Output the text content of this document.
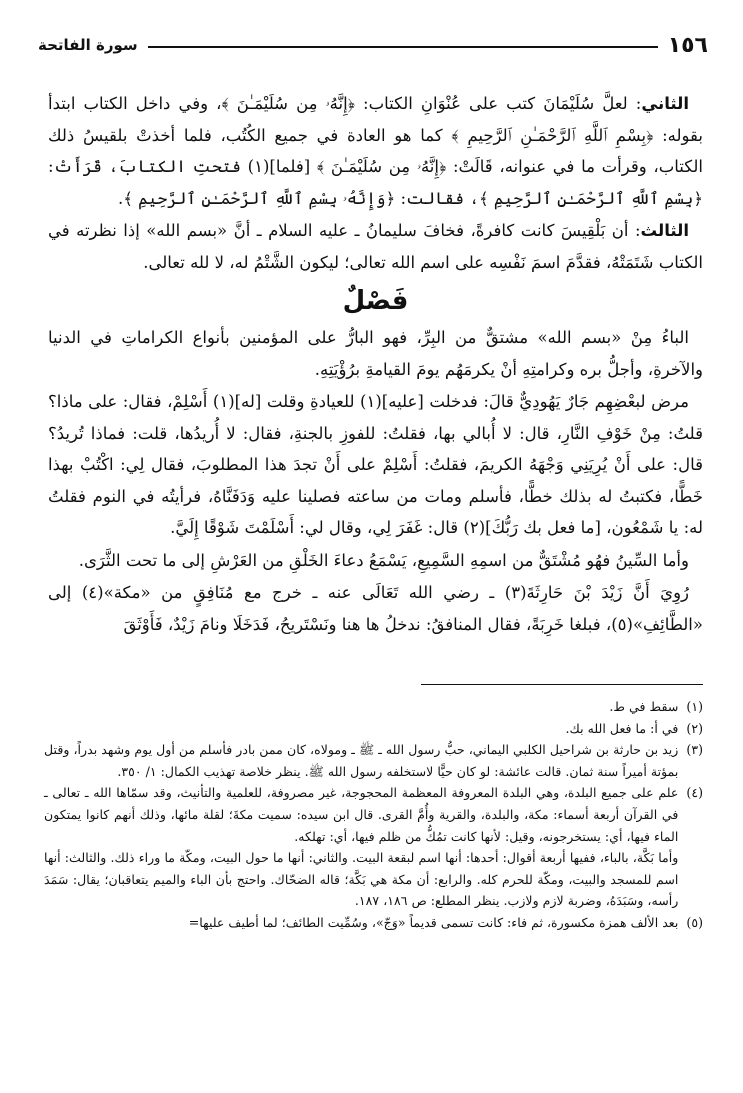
١٥٦
سورة الفاتحة

الثاني: لعلَّ سُلَيْمَانَ كتب على عُنْوَانِ الكتاب: ﴿إِنَّهُۥ مِن سُلَيْمَـٰنَ ﴾، وفي داخل الكتاب ابتدأ بقوله: ﴿بِسْمِ ٱللَّهِ ٱلرَّحْمَـٰنِ ٱلرَّحِيمِ ﴾ كما هو العادة في جميع الكُتُب، فلما أخذتْ بلقيسُ ذلك الكتاب، وقرأت ما في عنوانه، قَالَتْ: ﴿إِنَّهُۥ مِن سُلَيْمَـٰنَ ﴾ [فلما](١) فتحتِ الكتابَ، قَرَأَتْ: ﴿بِسْمِ ٱللَّهِ ٱلرَّحْمَـٰنِ ٱلرَّحِيمِ ﴾، فقالت: ﴿وَإِنَّهُۥ بِسْمِ ٱللَّهِ ٱلرَّحْمَـٰنِ ٱلرَّحِيمِ ﴾.

الثالث: أن بَلْقِيسَ كانت كافرةً، فخافَ سليمانُ ـ عليه السلام ـ أنَّ «بسم الله» إذا نظرته في الكتاب شَتَمَتْهُ، فقدَّمَ اسمَ نَفْسِه على اسم الله تعالى؛ ليكون الشَّتْمُ له، لا لله تعالى.

فَصْلٌ

الباءُ مِنْ «بسم الله» مشتقٌّ من البِرِّ، فهو البارُّ على المؤمنين بأنواع الكراماتِ في الدنيا والآخرةِ، وأجلُّ بره وكرامتِهِ أنْ يكرمَهُم يومَ القيامةِ برُؤْيَتِهِ.

مرض لبعْضِهِم جَارٌ يَهُودِيٌّ قالَ: فدخلت [عليه](١) للعيادةِ وقلت [له](١) أَسْلِمْ، فقال: على ماذا؟ قلتُ: مِنْ خَوْفِ النَّارِ، قال: لا أُبالي بها، فقلتُ: للفوزِ بالجنةِ، فقال: لا أُريدُها، قلت: فماذا تُريدُ؟ قال: على أَنْ يُرِيَنِي وَجْهَهُ الكريمَ، فقلتُ: أَسْلِمْ على أَنْ تجدَ هذا المطلوبَ، فقال لِي: اكْتُبْ بهذا خَطًّا، فكتبتُ له بذلك خطًّا، فأسلم ومات من ساعته فصلينا عليه وَدَفَنَّاهُ، فرأيتُه في النوم فقلتُ له: يا شَمْعُون، [ما فعل بك رَبُّكَ](٢) قال: غَفَرَ لِي، وقال لي: أَسْلَمْتَ شَوْقًا إِلَيَّ.

وأما السِّينُ فهُو مُشْتَقٌّ من اسمِهِ السَّمِيعِ، يَسْمَعُ دعاءَ الخَلْقِ من العَرْشِ إلى ما تحت الثَّرَى.

رُوِيَ أَنَّ زَيْدَ بْنَ حَارِثَةَ(٣) ـ رضي الله تَعَالَى عنه ـ خرج مع مُنَافِقٍ من «مكة»(٤) إلى «الطَّائِفِ»(٥)، فبلغا خَرِبَةً، فقال المنافقُ: ندخلُ ها هنا ونَسْتَريحُ، فَدَخَلَا ونامَ زَيْدٌ، فَأَوْثَقَ

(١)
سقط في ط.
(٢)
في أ: ما فعل الله بك.
(٣)
زيد بن حارثة بن شراحيل الكلبي اليماني، حبُّ رسول الله ـ ﷺ ـ ومولاه، كان ممن بادر فأسلم من أول يوم وشهد بدراً، وقتل بمؤتة أميراً سنة ثمان. قالت عائشة: لو كان حيًّا لاستخلفه رسول الله ﷺ. ينظر خلاصة تهذيب الكمال: ١/ ٣٥٠.
(٤)
علم على جميع البلدة، وهي البلدة المعروفة المعظمة المحجوجة، غير مصروفة، للعلمية والتأنيث، وقد سمّاها الله ـ تعالى ـ في القرآن أربعة أسماء: مكة، والبلدة، والقرية وأُمَّ القرى. قال ابن سيده: سميت مكةَ؛ لقلة مائها، وذلك أنهم كانوا يمتكون الماء فيها، أي: يستخرجونه، وقيل: لأنها كانت تمُكُّ من ظلم فيها، أي: تهلكه.
وأما بَكَّة، بالباء، ففيها أربعة أقوال: أحدها: أنها اسم لبقعة البيت. والثاني: أنها ما حول البيت، ومكّة ما وراء ذلك. والثالث: أنها اسم للمسجد والبيت، ومكّة للحرم كله. والرابع: أن مكة هي بَكَّة؛ قاله الضحّاك. واحتج بأن الباء والميم يتعاقبان؛ يقال: سَمَدَ رأسه، وسَبَدَهُ، وضربة لازم ولازب. ينظر المطلع: ص ١٨٦، ١٨٧.
(٥)
بعد الألف همزة مكسورة، ثم فاء: كانت تسمى قديماً «وَجّ»، وسُمِّيت الطائف؛ لما أطيف عليها=
